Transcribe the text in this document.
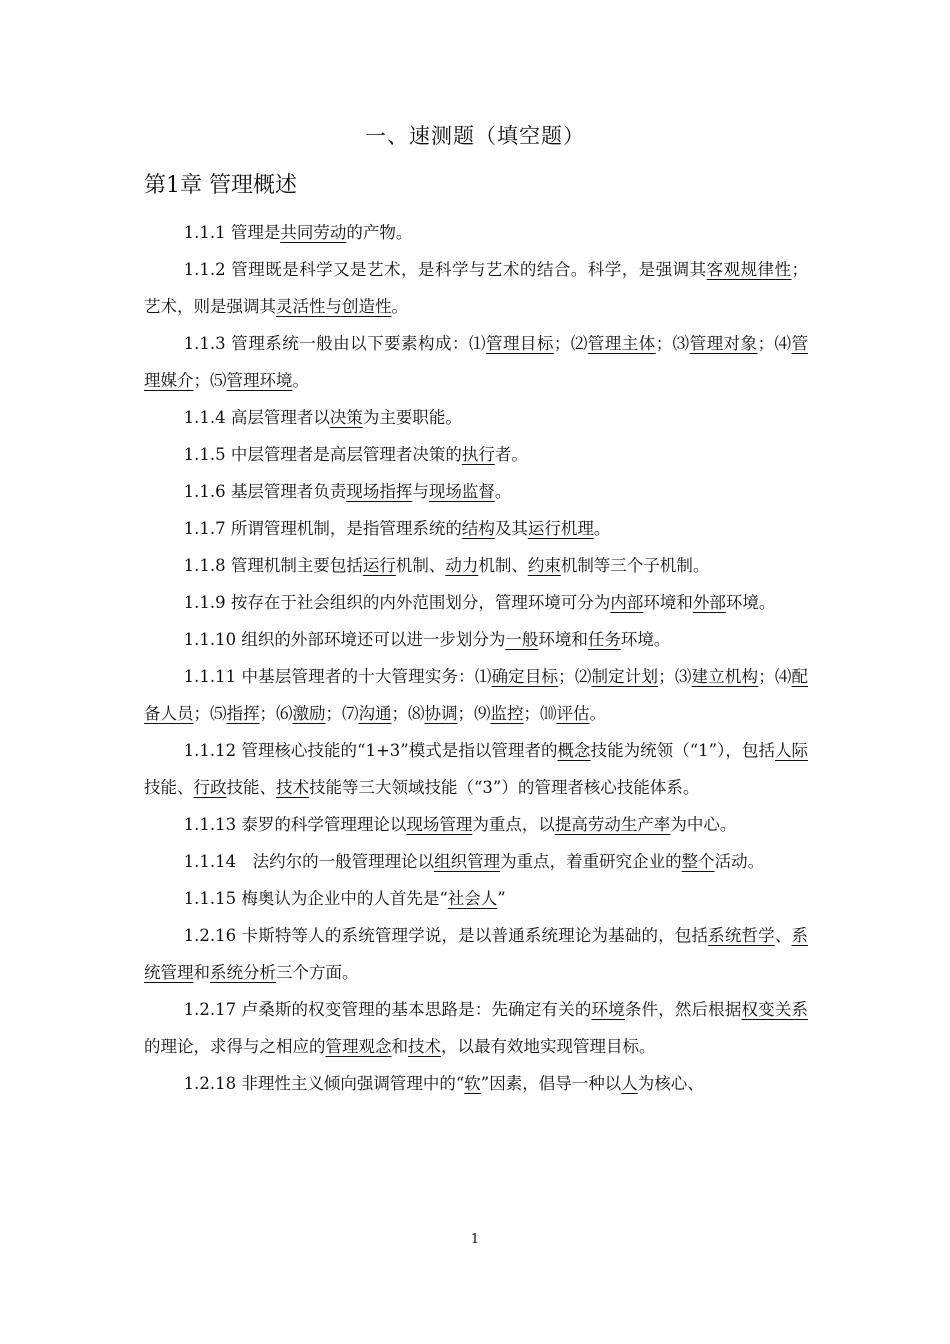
一、速测题（填空题）
第1章 管理概述

1.1.1 管理是共同劳动的产物。

1.1.2 管理既是科学又是艺术，是科学与艺术的结合。科学，是强调其客观规律性；艺术，则是强调其灵活性与创造性。

1.1.3 管理系统一般由以下要素构成：⑴管理目标；⑵管理主体；⑶管理对象；⑷管理媒介；⑸管理环境。

1.1.4 高层管理者以决策为主要职能。

1.1.5 中层管理者是高层管理者决策的执行者。

1.1.6 基层管理者负责现场指挥与现场监督。

1.1.7 所谓管理机制，是指管理系统的结构及其运行机理。

1.1.8 管理机制主要包括运行机制、动力机制、约束机制等三个子机制。

1.1.9 按存在于社会组织的内外范围划分，管理环境可分为内部环境和外部环境。

1.1.10 组织的外部环境还可以进一步划分为一般环境和任务环境。

1.1.11 中基层管理者的十大管理实务：⑴确定目标；⑵制定计划；⑶建立机构；⑷配备人员；⑸指挥；⑹激励；⑺沟通；⑻协调；⑼监控；⑽评估。

1.1.12 管理核心技能的“1+3”模式是指以管理者的概念技能为统领（“1”），包括人际技能、行政技能、技术技能等三大领域技能（“3”）的管理者核心技能体系。

1.1.13 泰罗的科学管理理论以现场管理为重点，以提高劳动生产率为中心。

1.1.14　法约尔的一般管理理论以组织管理为重点，着重研究企业的整个活动。

1.1.15 梅奥认为企业中的人首先是“社会人”

1.2.16 卡斯特等人的系统管理学说，是以普通系统理论为基础的，包括系统哲学、系统管理和系统分析三个方面。

1.2.17 卢桑斯的权变管理的基本思路是：先确定有关的环境条件，然后根据权变关系的理论，求得与之相应的管理观念和技术，以最有效地实现管理目标。

1.2.18 非理性主义倾向强调管理中的“软”因素，倡导一种以人为核心、

1
